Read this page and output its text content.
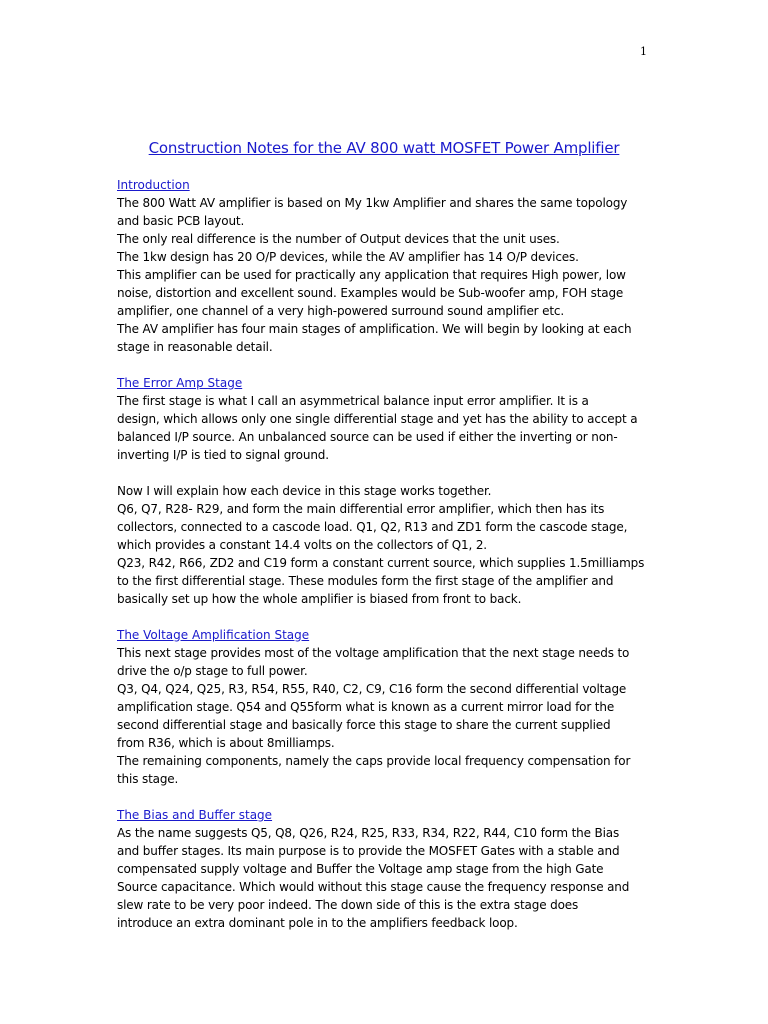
1
Construction Notes for the AV 800 watt MOSFET Power Amplifier
Introduction
The 800 Watt AV amplifier is based on My 1kw Amplifier and shares the same topology
and basic PCB layout.
The only real difference is the number of Output devices that the unit uses.
The 1kw design has 20 O/P devices, while the AV amplifier has 14 O/P devices.
This amplifier can be used for practically any application that requires High power, low
noise, distortion and excellent sound. Examples would be Sub-woofer amp, FOH stage
amplifier, one channel of a very high-powered surround sound amplifier etc.
The AV amplifier has four main stages of amplification. We will begin by looking at each
stage in reasonable detail.
The Error Amp Stage
The first stage is what I call an asymmetrical balance input error amplifier. It is a
design, which allows only one single differential stage and yet has the ability to accept a
balanced I/P source. An unbalanced source can be used if either the inverting or non-
inverting I/P is tied to signal ground.
Now I will explain how each device in this stage works together.
Q6, Q7, R28- R29, and form the main differential error amplifier, which then has its
collectors, connected to a cascode load. Q1, Q2, R13 and ZD1 form the cascode stage,
which provides a constant 14.4 volts on the collectors of Q1, 2.
Q23, R42, R66, ZD2 and C19 form a constant current source, which supplies 1.5milliamps
to the first differential stage. These modules form the first stage of the amplifier and
basically set up how the whole amplifier is biased from front to back.
The Voltage Amplification Stage
This next stage provides most of the voltage amplification that the next stage needs to
drive the o/p stage to full power.
Q3, Q4, Q24, Q25, R3, R54, R55, R40, C2, C9, C16 form the second differential voltage
amplification stage. Q54 and Q55form what is known as a current mirror load for the
second differential stage and basically force this stage to share the current supplied
from R36, which is about 8milliamps.
The remaining components, namely the caps provide local frequency compensation for
this stage.
The Bias and Buffer stage
As the name suggests Q5, Q8, Q26, R24, R25, R33, R34, R22, R44, C10 form the Bias
and buffer stages. Its main purpose is to provide the MOSFET Gates with a stable and
compensated supply voltage and Buffer the Voltage amp stage from the high Gate
Source capacitance. Which would without this stage cause the frequency response and
slew rate to be very poor indeed. The down side of this is the extra stage does
introduce an extra dominant pole in to the amplifiers feedback loop.
